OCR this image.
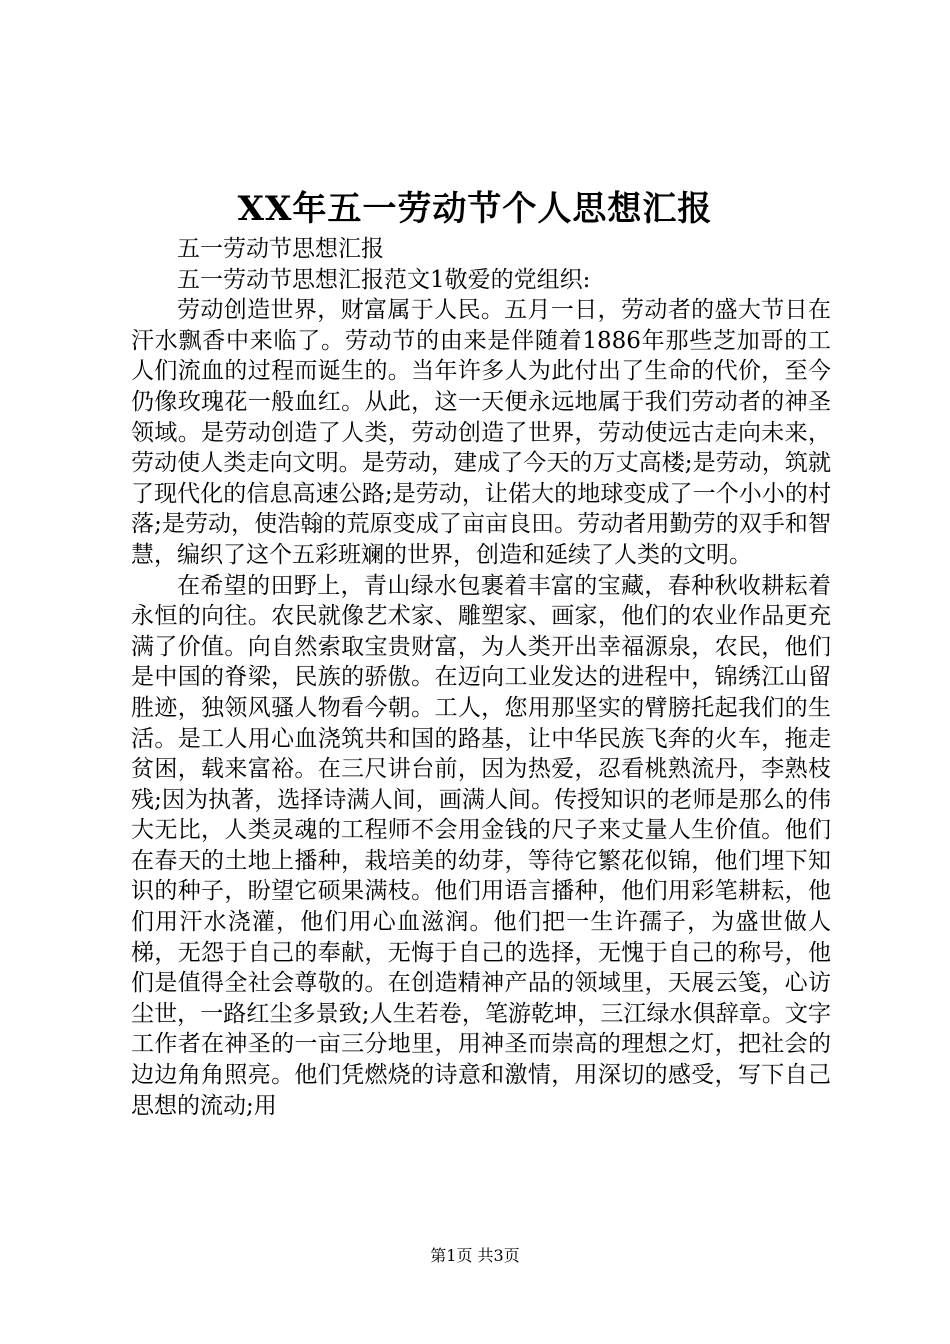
XX年五一劳动节个人思想汇报

五一劳动节思想汇报

五一劳动节思想汇报范文1敬爱的党组织:

劳动创造世界，财富属于人民。五月一日，劳动者的盛大节日在汗水飘香中来临了。劳动节的由来是伴随着1886年那些芝加哥的工人们流血的过程而诞生的。当年许多人为此付出了生命的代价，至今仍像玫瑰花一般血红。从此，这一天便永远地属于我们劳动者的神圣领域。是劳动创造了人类，劳动创造了世界，劳动使远古走向未来，劳动使人类走向文明。是劳动，建成了今天的万丈高楼;是劳动，筑就了现代化的信息高速公路;是劳动，让偌大的地球变成了一个小小的村落;是劳动，使浩翰的荒原变成了亩亩良田。劳动者用勤劳的双手和智慧，编织了这个五彩班斓的世界，创造和延续了人类的文明。

在希望的田野上，青山绿水包裹着丰富的宝藏，春种秋收耕耘着永恒的向往。农民就像艺术家、雕塑家、画家，他们的农业作品更充满了价值。向自然索取宝贵财富，为人类开出幸福源泉，农民，他们是中国的脊梁，民族的骄傲。在迈向工业发达的进程中，锦绣江山留胜迹，独领风骚人物看今朝。工人，您用那坚实的臂膀托起我们的生活。是工人用心血浇筑共和国的路基，让中华民族飞奔的火车，拖走贫困，载来富裕。在三尺讲台前，因为热爱，忍看桃熟流丹，李熟枝残;因为执著，选择诗满人间，画满人间。传授知识的老师是那么的伟大无比，人类灵魂的工程师不会用金钱的尺子来丈量人生价值。他们在春天的土地上播种，栽培美的幼芽，等待它繁花似锦，他们埋下知识的种子，盼望它硕果满枝。他们用语言播种，他们用彩笔耕耘，他们用汗水浇灌，他们用心血滋润。他们把一生许孺子，为盛世做人梯，无怨于自己的奉献，无悔于自己的选择，无愧于自己的称号，他们是值得全社会尊敬的。在创造精神产品的领域里，天展云笺，心访尘世，一路红尘多景致;人生若卷，笔游乾坤，三江绿水俱辞章。文字工作者在神圣的一亩三分地里，用神圣而崇高的理想之灯，把社会的边边角角照亮。他们凭燃烧的诗意和激情，用深切的感受，写下自己思想的流动;用

第1页 共3页
